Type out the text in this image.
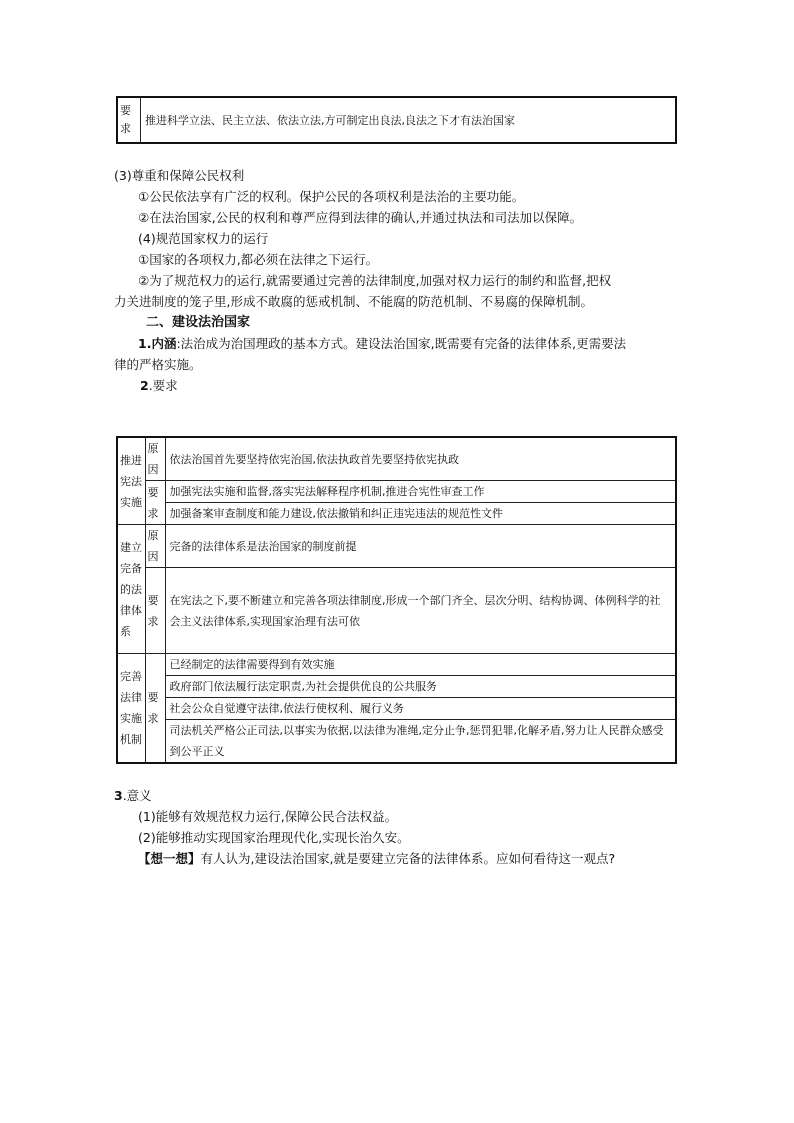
要求	推进科学立法、民主立法、依法立法,方可制定出良法,良法之下才有法治国家
(3)尊重和保障公民权利
①公民依法享有广泛的权利。保护公民的各项权利是法治的主要功能。
②在法治国家,公民的权利和尊严应得到法律的确认,并通过执法和司法加以保障。
(4)规范国家权力的运行
①国家的各项权力,都必须在法律之下运行。
②为了规范权力的运行,就需要通过完善的法律制度,加强对权力运行的制约和监督,把权
力关进制度的笼子里,形成不敢腐的惩戒机制、不能腐的防范机制、不易腐的保障机制。
二、建设法治国家
1.内涵:法治成为治国理政的基本方式。建设法治国家,既需要有完备的法律体系,更需要法
律的严格实施。
2.要求
推进宪法实施	原因	依法治国首先要坚持依宪治国,依法执政首先要坚持依宪执政
	要求	加强宪法实施和监督,落实宪法解释程序机制,推进合宪性审查工作
		加强备案审查制度和能力建设,依法撤销和纠正违宪违法的规范性文件
建立完备的法律体系	原因	完备的法律体系是法治国家的制度前提
	要求	在宪法之下,要不断建立和完善各项法律制度,形成一个部门齐全、层次分明、结构协调、体例科学的社会主义法律体系,实现国家治理有法可依
完善法律实施机制	要求	已经制定的法律需要得到有效实施
		政府部门依法履行法定职责,为社会提供优良的公共服务
		社会公众自觉遵守法律,依法行使权利、履行义务
		司法机关严格公正司法,以事实为依据,以法律为准绳,定分止争,惩罚犯罪,化解矛盾,努力让人民群众感受到公平正义
3.意义
(1)能够有效规范权力运行,保障公民合法权益。
(2)能够推动实现国家治理现代化,实现长治久安。
【想一想】有人认为,建设法治国家,就是要建立完备的法律体系。应如何看待这一观点?
